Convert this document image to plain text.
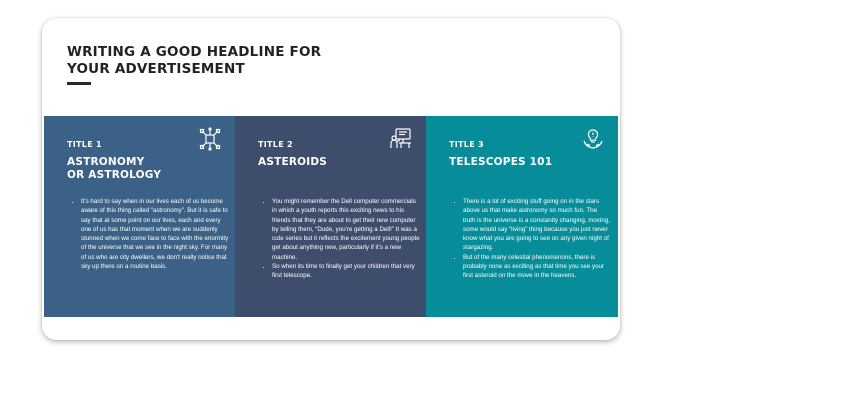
WRITING A GOOD HEADLINE FOR
YOUR ADVERTISEMENT
TITLE 1
ASTRONOMY
OR ASTROLOGY
• It's hard to say when in our lives each of us become aware of this thing called “astronomy”. But it is safe to say that at some point on our lives, each and every one of us has that moment when we are suddenly stunned when we come face to face with the enormity of the universe that we see in the night sky. For many of us who are city dwellers, we don't really notice that sky up there on a routine basis.
TITLE 2
ASTEROIDS
• You might remember the Dell computer commercials in which a youth reports this exciting news to his friends that they are about to get their new computer by telling them, “Dude, you're getting a Dell!” It was a cute series but it reflects the excitement young people get about anything new, particularly if it's a new machine.
• So when its time to finally get your children that very first telescope.
TITLE 3
TELESCOPES 101
• There is a lot of exciting stuff going on in the stars above us that make astronomy so much fun. The truth is the universe is a constantly changing, moving, some would say “living” thing because you just never know what you are going to see on any given night of stargazing.
• But of the many celestial phenomenons, there is probably none as exciting as that time you see your first asteroid on the move in the heavens.
